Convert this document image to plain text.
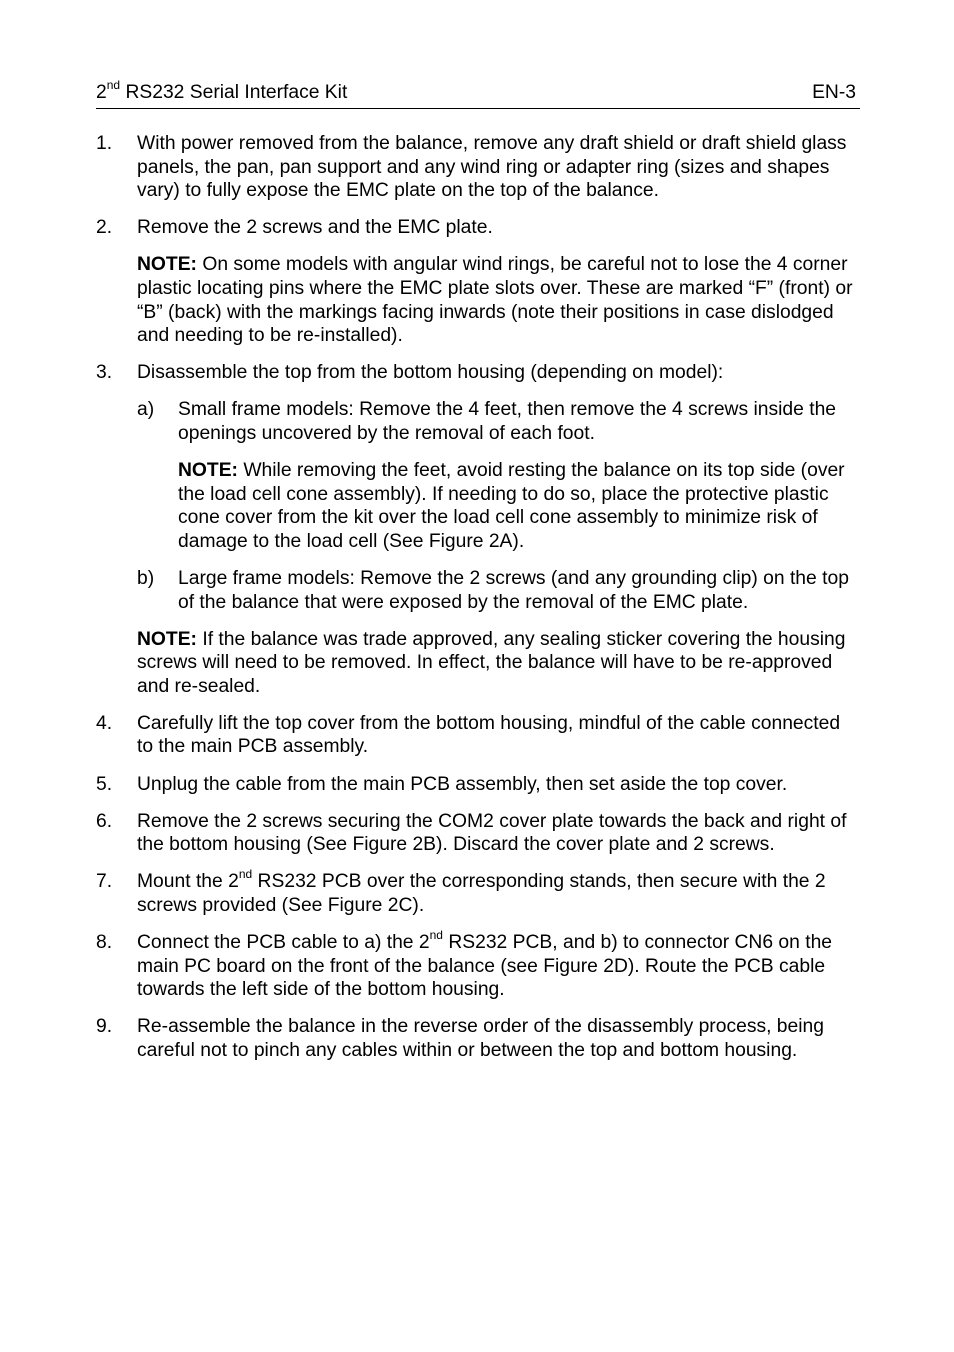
2nd RS232 Serial Interface Kit	EN-3
1. With power removed from the balance, remove any draft shield or draft shield glass panels, the pan, pan support and any wind ring or adapter ring (sizes and shapes vary) to fully expose the EMC plate on the top of the balance.

2. Remove the 2 screws and the EMC plate.

NOTE: On some models with angular wind rings, be careful not to lose the 4 corner plastic locating pins where the EMC plate slots over. These are marked “F” (front) or “B” (back) with the markings facing inwards (note their positions in case dislodged and needing to be re-installed).

3. Disassemble the top from the bottom housing (depending on model):

a) Small frame models: Remove the 4 feet, then remove the 4 screws inside the openings uncovered by the removal of each foot.

NOTE: While removing the feet, avoid resting the balance on its top side (over the load cell cone assembly). If needing to do so, place the protective plastic cone cover from the kit over the load cell cone assembly to minimize risk of damage to the load cell (See Figure 2A).

b) Large frame models: Remove the 2 screws (and any grounding clip) on the top of the balance that were exposed by the removal of the EMC plate.

NOTE: If the balance was trade approved, any sealing sticker covering the housing screws will need to be removed. In effect, the balance will have to be re-approved and re-sealed.

4. Carefully lift the top cover from the bottom housing, mindful of the cable connected to the main PCB assembly.

5. Unplug the cable from the main PCB assembly, then set aside the top cover.

6. Remove the 2 screws securing the COM2 cover plate towards the back and right of the bottom housing (See Figure 2B). Discard the cover plate and 2 screws.

7. Mount the 2nd RS232 PCB over the corresponding stands, then secure with the 2 screws provided (See Figure 2C).

8. Connect the PCB cable to a) the 2nd RS232 PCB, and b) to connector CN6 on the main PC board on the front of the balance (see Figure 2D). Route the PCB cable towards the left side of the bottom housing.

9. Re-assemble the balance in the reverse order of the disassembly process, being careful not to pinch any cables within or between the top and bottom housing.
